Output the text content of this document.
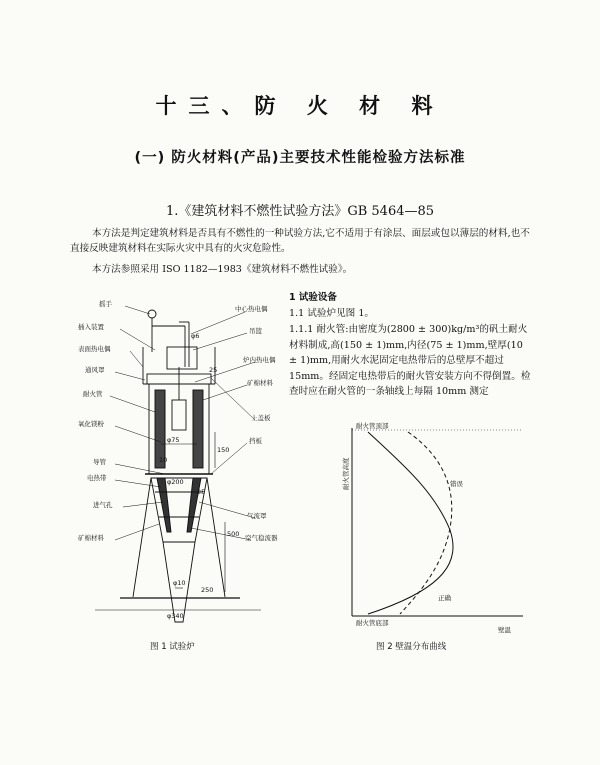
十三、防 火 材 料
(一) 防火材料(产品)主要技术性能检验方法标准
1.《建筑材料不燃性试验方法》GB 5464—85
本方法是判定建筑材料是否具有不燃性的一种试验方法,它不适用于有涂层、面层或包以薄层的材料,也不直接反映建筑材料在实际火灾中具有的火灾危险性。
本方法参照采用 ISO 1182—1983《建筑材料不燃性试验》。
1 试验设备
1.1 试验炉见图 1。
1.1.1 耐火管:由密度为(2800 ± 300)kg/m³的矾土耐火材料制成,高(150 ± 1)mm,内径(75 ± 1)mm,壁厚(10 ± 1)mm,用耐火水泥固定电热带后的总壁厚不超过 15mm。经固定电热带后的耐火管安装方向不得倒置。检查时应在耐火管的一条轴线上每隔 10mm 测定
摇手
插入装置
表面热电偶
通风罩
耐火管
氧化镁粉
导管
电热带
进气孔
矿棉材料
中心热电偶
吊篮
炉内热电偶
矿棉材料
上盖板
挡板
气流罩
空气稳流器
φ6
25
φ75
150
φ200
25
10
500
φ10
250
φ340
图 1 试验炉
耐火管顶部
耐火管底部
错误
正确
壁温
耐火管高度
图 2 壁温分布曲线
